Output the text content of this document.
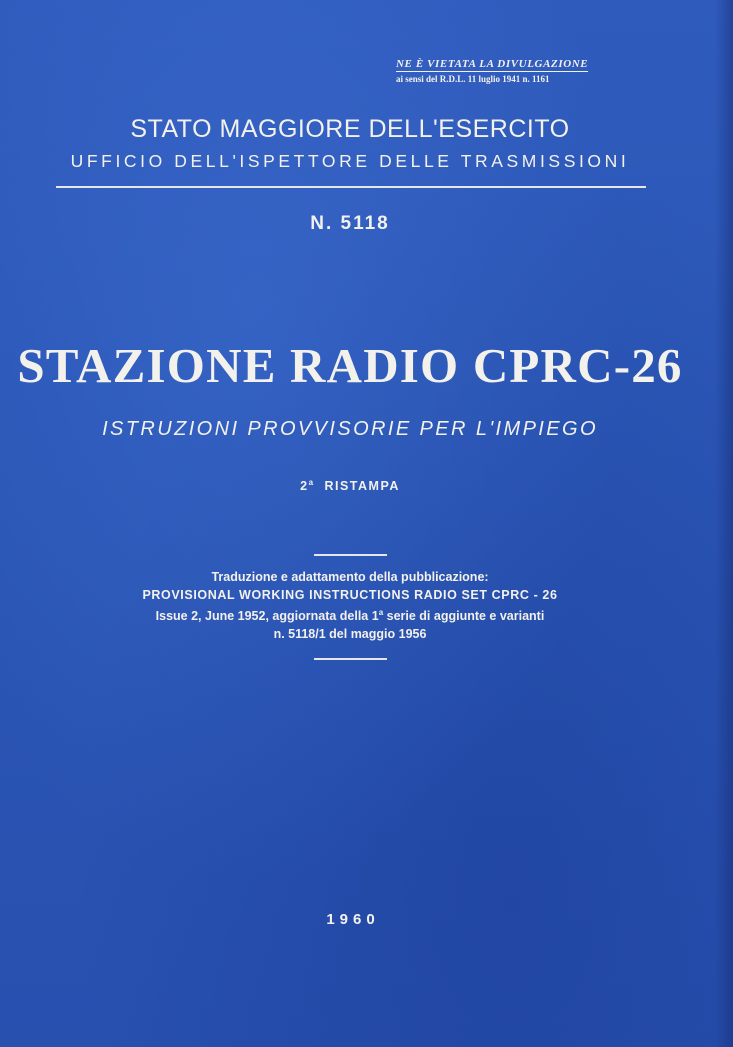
NE È VIETATA LA DIVULGAZIONE
ai sensi del R.D.L. 11 luglio 1941 n. 1161
STATO MAGGIORE DELL'ESERCITO
UFFICIO DELL'ISPETTORE DELLE TRASMISSIONI
N. 5118
STAZIONE RADIO CPRC-26
ISTRUZIONI PROVVISORIE PER L'IMPIEGO
2$^a$ RISTAMPA
Traduzione e adattamento della pubblicazione:
PROVISIONAL WORKING INSTRUCTIONS RADIO SET CPRC - 26
Issue 2, June 1952, aggiornata della 1$^a$ serie di aggiunte e varianti
n. 5118/1 del maggio 1956
1960
